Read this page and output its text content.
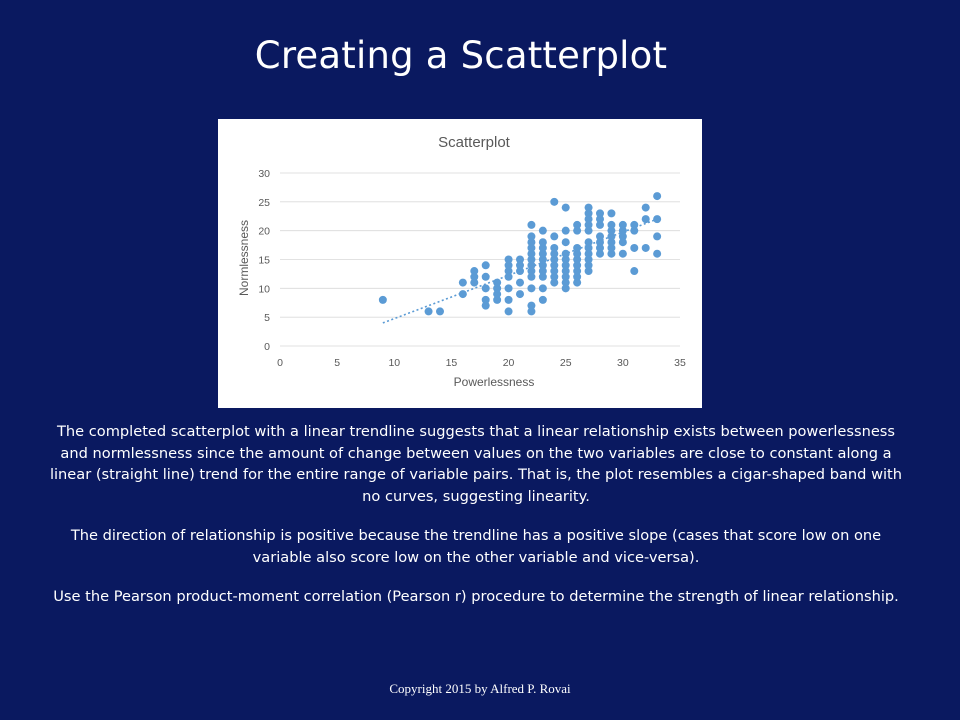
Creating a Scatterplot
Scatterplot
0
5
10
15
20
25
30
0	5	10	15	20	25	30	35
Powerlessness
Normlessness

The completed scatterplot with a linear trendline suggests that a linear relationship exists between powerlessness and normlessness since the amount of change between values on the two variables are close to constant along a linear (straight line) trend for the entire range of variable pairs. That is, the plot resembles a cigar-shaped band with no curves, suggesting linearity.

The direction of relationship is positive because the trendline has a positive slope (cases that score low on one variable also score low on the other variable and vice-versa).

Use the Pearson product-moment correlation (Pearson r) procedure to determine the strength of linear relationship.

Copyright 2015 by Alfred P. Rovai
